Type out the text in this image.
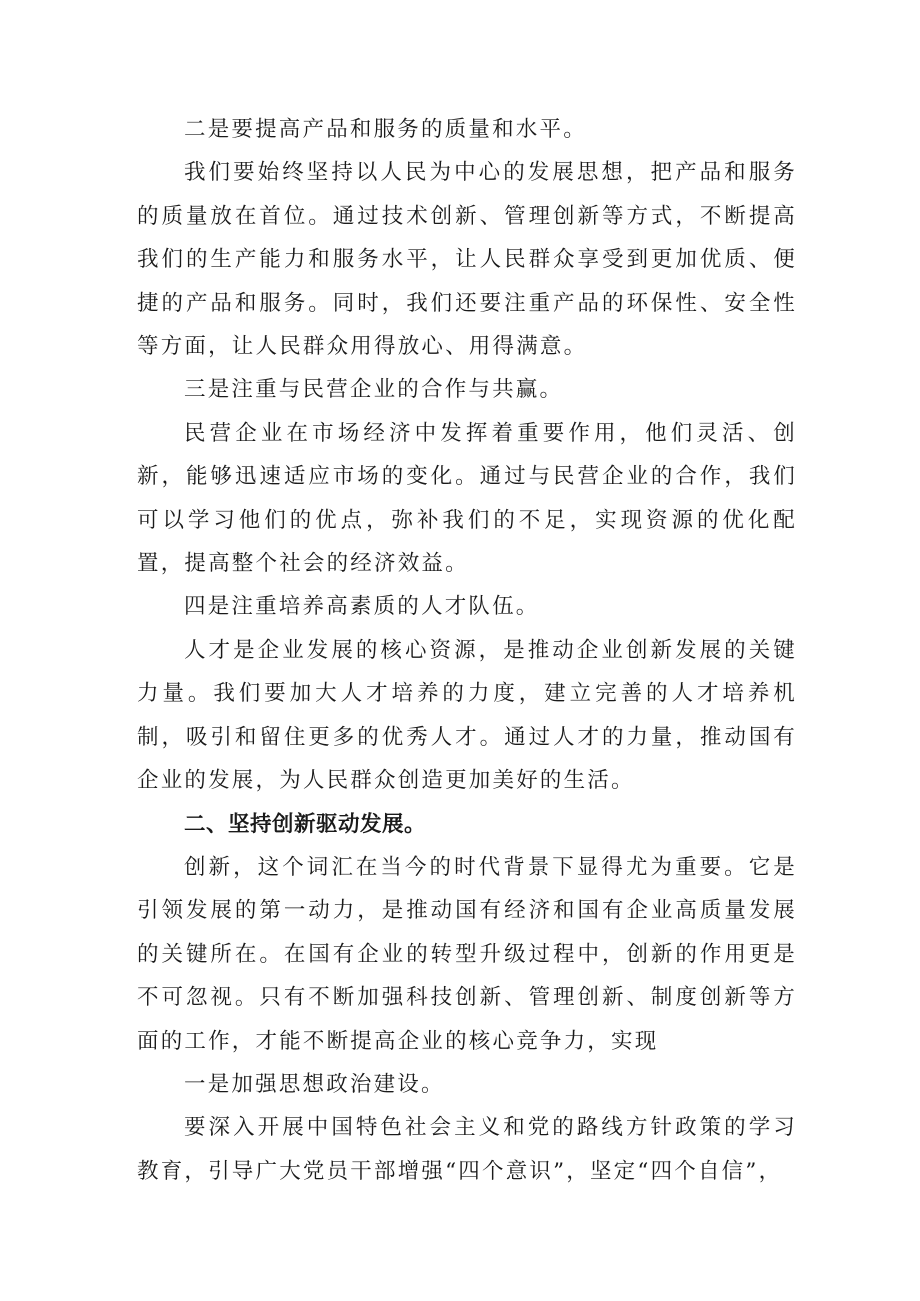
二是要提高产品和服务的质量和水平。

我们要始终坚持以人民为中心的发展思想，把产品和服务的质量放在首位。通过技术创新、管理创新等方式，不断提高我们的生产能力和服务水平，让人民群众享受到更加优质、便捷的产品和服务。同时，我们还要注重产品的环保性、安全性等方面，让人民群众用得放心、用得满意。

三是注重与民营企业的合作与共赢。

民营企业在市场经济中发挥着重要作用，他们灵活、创新，能够迅速适应市场的变化。通过与民营企业的合作，我们可以学习他们的优点，弥补我们的不足，实现资源的优化配置，提高整个社会的经济效益。

四是注重培养高素质的人才队伍。

人才是企业发展的核心资源，是推动企业创新发展的关键力量。我们要加大人才培养的力度，建立完善的人才培养机制，吸引和留住更多的优秀人才。通过人才的力量，推动国有企业的发展，为人民群众创造更加美好的生活。

二、坚持创新驱动发展。

创新，这个词汇在当今的时代背景下显得尤为重要。它是引领发展的第一动力，是推动国有经济和国有企业高质量发展的关键所在。在国有企业的转型升级过程中，创新的作用更是不可忽视。只有不断加强科技创新、管理创新、制度创新等方面的工作，才能不断提高企业的核心竞争力，实现

一是加强思想政治建设。

要深入开展中国特色社会主义和党的路线方针政策的学习教育，引导广大党员干部增强“四个意识”，坚定“四个自信”，
